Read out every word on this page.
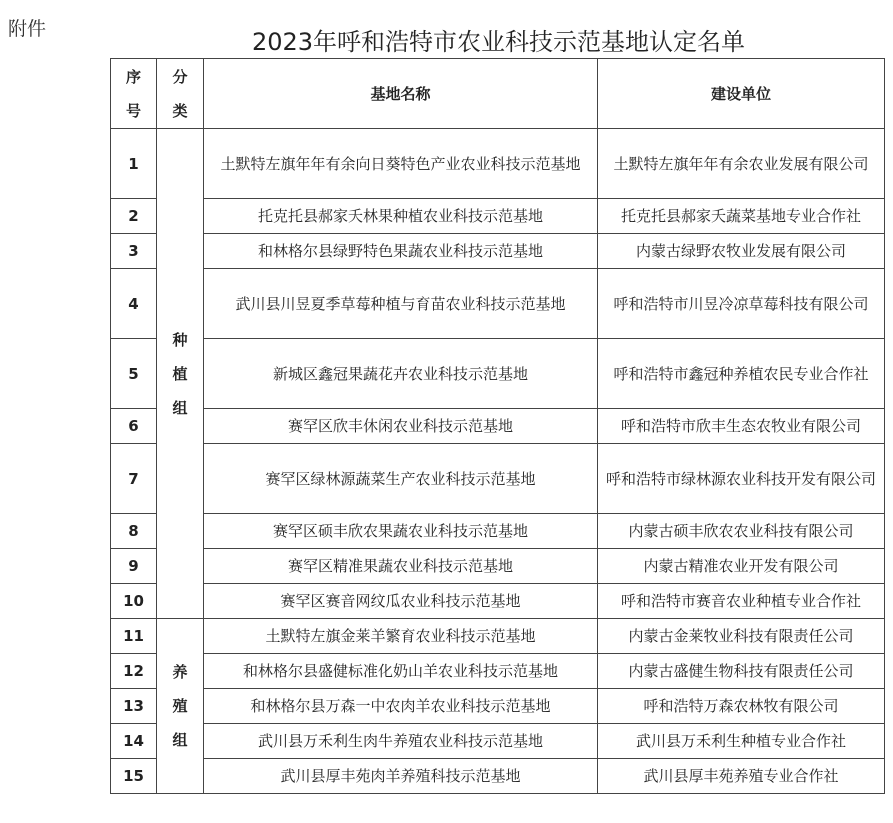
附件	2023年呼和浩特市农业科技示范基地认定名单
序号	分类	基地名称	建设单位
1	种植组	土默特左旗年年有余向日葵特色产业农业科技示范基地	土默特左旗年年有余农业发展有限公司
2		托克托县郝家夭林果种植农业科技示范基地	托克托县郝家夭蔬菜基地专业合作社
3		和林格尔县绿野特色果蔬农业科技示范基地	内蒙古绿野农牧业发展有限公司
4		武川县川昱夏季草莓种植与育苗农业科技示范基地	呼和浩特市川昱冷凉草莓科技有限公司
5		新城区鑫冠果蔬花卉农业科技示范基地	呼和浩特市鑫冠种养植农民专业合作社
6		赛罕区欣丰休闲农业科技示范基地	呼和浩特市欣丰生态农牧业有限公司
7		赛罕区绿林源蔬菜生产农业科技示范基地	呼和浩特市绿林源农业科技开发有限公司
8		赛罕区硕丰欣农果蔬农业科技示范基地	内蒙古硕丰欣农农业科技有限公司
9		赛罕区精准果蔬农业科技示范基地	内蒙古精准农业开发有限公司
10		赛罕区赛音网纹瓜农业科技示范基地	呼和浩特市赛音农业种植专业合作社
11	养殖组	土默特左旗金莱羊繁育农业科技示范基地	内蒙古金莱牧业科技有限责任公司
12		和林格尔县盛健标准化奶山羊农业科技示范基地	内蒙古盛健生物科技有限责任公司
13		和林格尔县万森一中农肉羊农业科技示范基地	呼和浩特万森农林牧有限公司
14		武川县万禾利生肉牛养殖农业科技示范基地	武川县万禾利生种植专业合作社
15		武川县厚丰苑肉羊养殖科技示范基地	武川县厚丰苑养殖专业合作社
